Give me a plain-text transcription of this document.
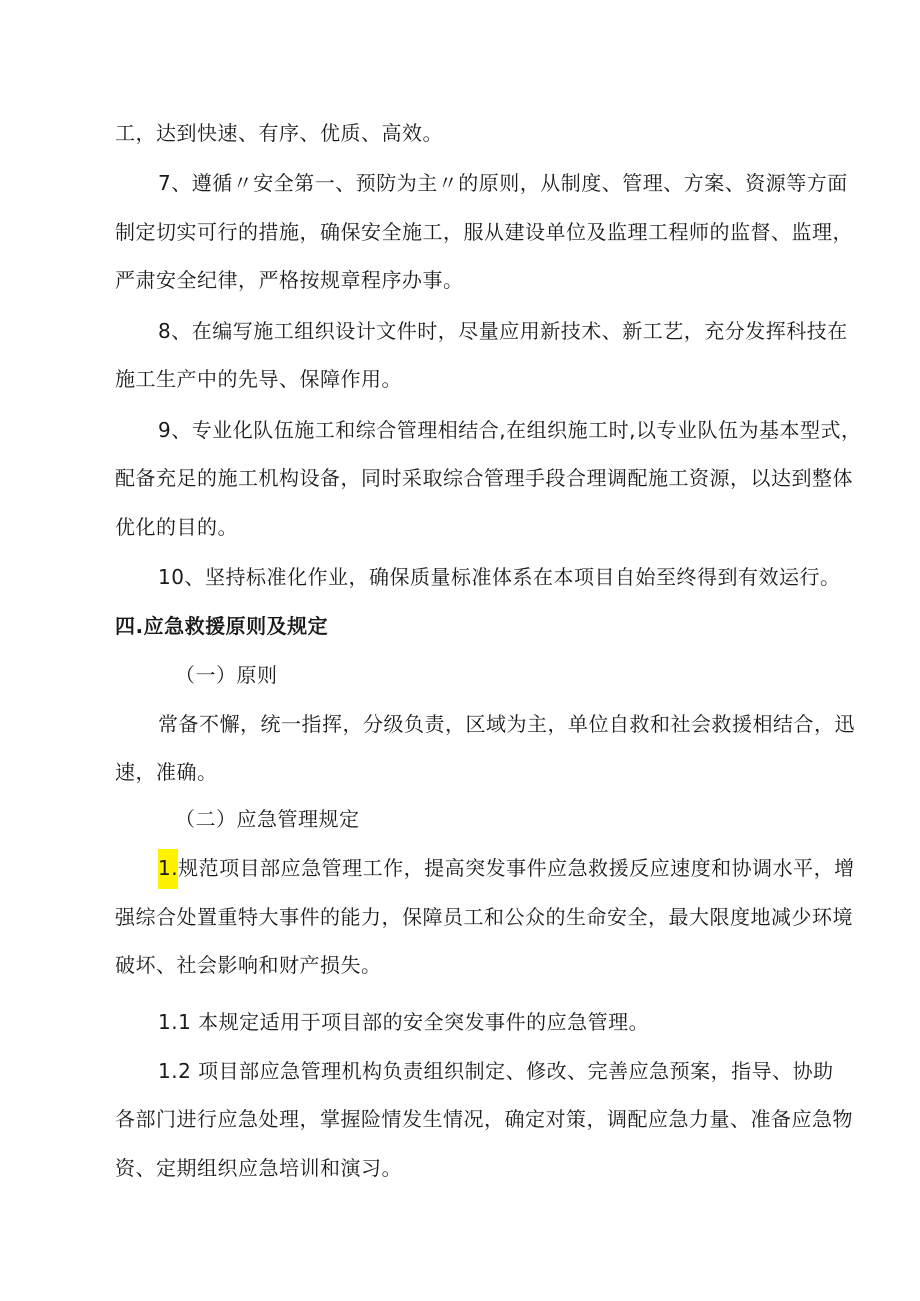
工，达到快速、有序、优质、高效。
7、遵循〃安全第一、预防为主〃的原则，从制度、管理、方案、资源等方面
制定切实可行的措施，确保安全施工，服从建设单位及监理工程师的监督、监理，
严肃安全纪律，严格按规章程序办事。
8、在编写施工组织设计文件时，尽量应用新技术、新工艺，充分发挥科技在
施工生产中的先导、保障作用。
9、专业化队伍施工和综合管理相结合,在组织施工时,以专业队伍为基本型式，
配备充足的施工机构设备，同时采取综合管理手段合理调配施工资源，以达到整体
优化的目的。
10、坚持标准化作业，确保质量标准体系在本项目自始至终得到有效运行。
四.应急救援原则及规定
（一）原则
常备不懈，统一指挥，分级负责，区域为主，单位自救和社会救援相结合，迅
速，准确。
（二）应急管理规定
1.规范项目部应急管理工作，提高突发事件应急救援反应速度和协调水平，增
强综合处置重特大事件的能力，保障员工和公众的生命安全，最大限度地减少环境
破坏、社会影响和财产损失。
1.1 本规定适用于项目部的安全突发事件的应急管理。
1.2 项目部应急管理机构负责组织制定、修改、完善应急预案，指导、协助
各部门进行应急处理，掌握险情发生情况，确定对策，调配应急力量、准备应急物
资、定期组织应急培训和演习。
